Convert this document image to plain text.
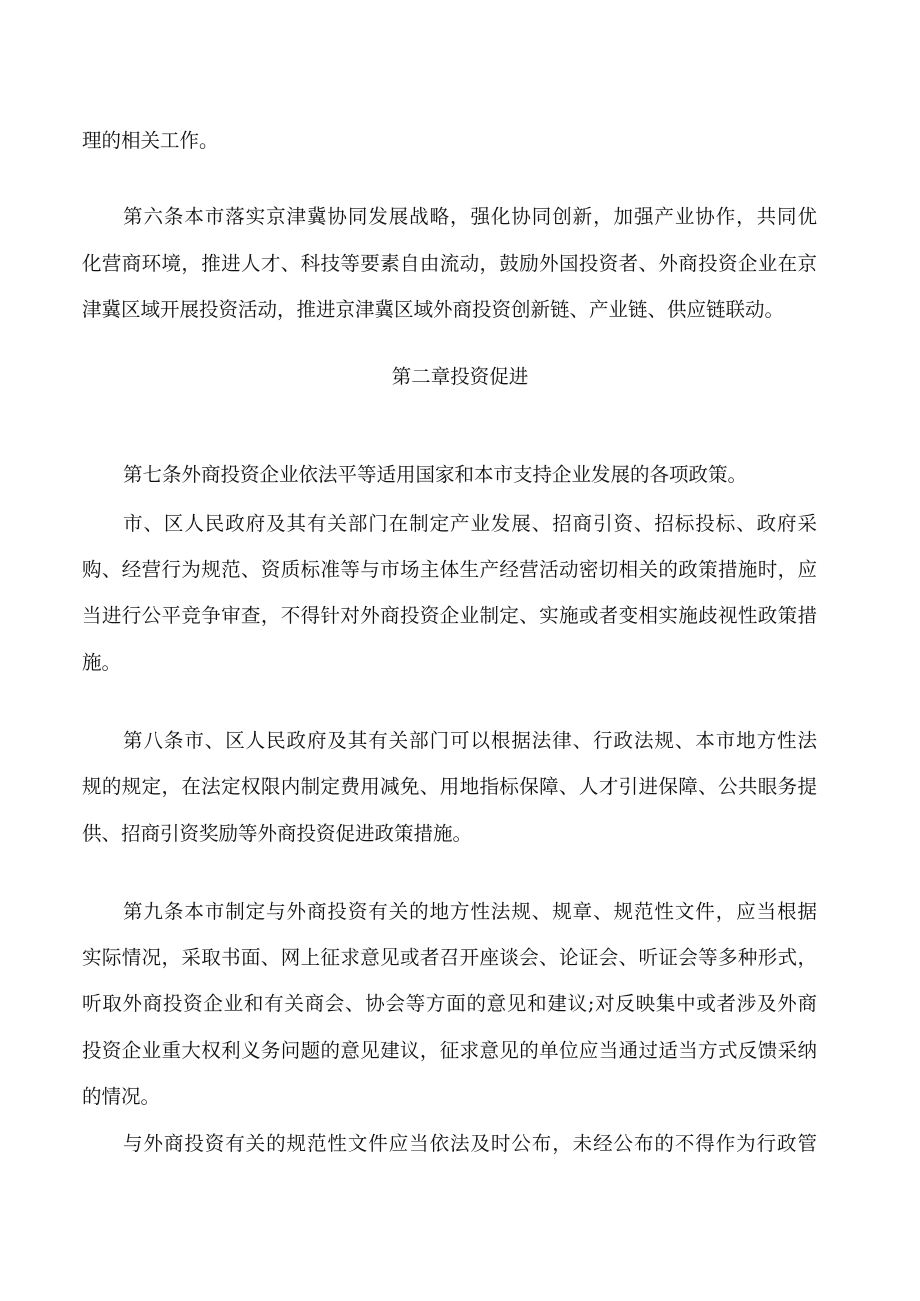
理的相关工作。
第六条本市落实京津冀协同发展战略，强化协同创新，加强产业协作，共同优
化营商环境，推进人才、科技等要素自由流动，鼓励外国投资者、外商投资企业在京
津冀区域开展投资活动，推进京津冀区域外商投资创新链、产业链、供应链联动。
第二章投资促进
第七条外商投资企业依法平等适用国家和本市支持企业发展的各项政策。
市、区人民政府及其有关部门在制定产业发展、招商引资、招标投标、政府采
购、经营行为规范、资质标准等与市场主体生产经营活动密切相关的政策措施时，应
当进行公平竞争审查，不得针对外商投资企业制定、实施或者变相实施歧视性政策措
施。
第八条市、区人民政府及其有关部门可以根据法律、行政法规、本市地方性法
规的规定，在法定权限内制定费用减免、用地指标保障、人才引进保障、公共眼务提
供、招商引资奖励等外商投资促进政策措施。
第九条本市制定与外商投资有关的地方性法规、规章、规范性文件，应当根据
实际情况，采取书面、网上征求意见或者召开座谈会、论证会、听证会等多种形式，
听取外商投资企业和有关商会、协会等方面的意见和建议;对反映集中或者涉及外商
投资企业重大权利义务问题的意见建议，征求意见的单位应当通过适当方式反馈采纳
的情况。
与外商投资有关的规范性文件应当依法及时公布，未经公布的不得作为行政管
